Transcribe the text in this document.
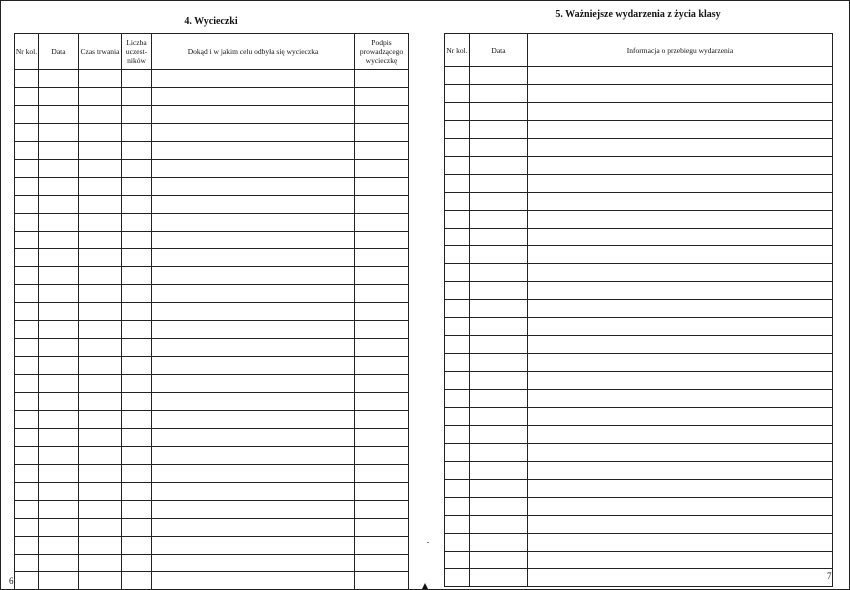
4. Wycieczki
Nr kol.	Data	Czas trwania	Liczba uczest-ników	Dokąd i w jakim celu odbyła się wycieczka	Podpis prowadzącego wycieczkę

5. Ważniejsze wydarzenia z życia klasy
Nr kol.	Data	Informacja o przebiegu wydarzenia

6	7
